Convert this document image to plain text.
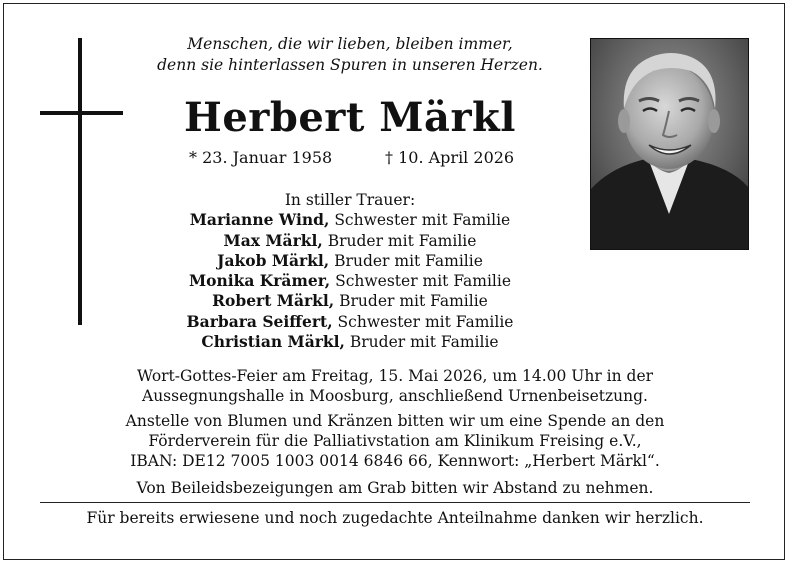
Menschen, die wir lieben, bleiben immer,
denn sie hinterlassen Spuren in unseren Herzen.
Herbert Märkl
* 23. Januar 1958	† 10. April 2026
In stiller Trauer:
Marianne Wind, Schwester mit Familie
Max Märkl, Bruder mit Familie
Jakob Märkl, Bruder mit Familie
Monika Krämer, Schwester mit Familie
Robert Märkl, Bruder mit Familie
Barbara Seiffert, Schwester mit Familie
Christian Märkl, Bruder mit Familie
Wort-Gottes-Feier am Freitag, 15. Mai 2026, um 14.00 Uhr in der
Aussegnungshalle in Moosburg, anschließend Urnenbeisetzung.
Anstelle von Blumen und Kränzen bitten wir um eine Spende an den
Förderverein für die Palliativstation am Klinikum Freising e.V.,
IBAN: DE12 7005 1003 0014 6846 66, Kennwort: „Herbert Märkl“.
Von Beileidsbezeigungen am Grab bitten wir Abstand zu nehmen.
Für bereits erwiesene und noch zugedachte Anteilnahme danken wir herzlich.
